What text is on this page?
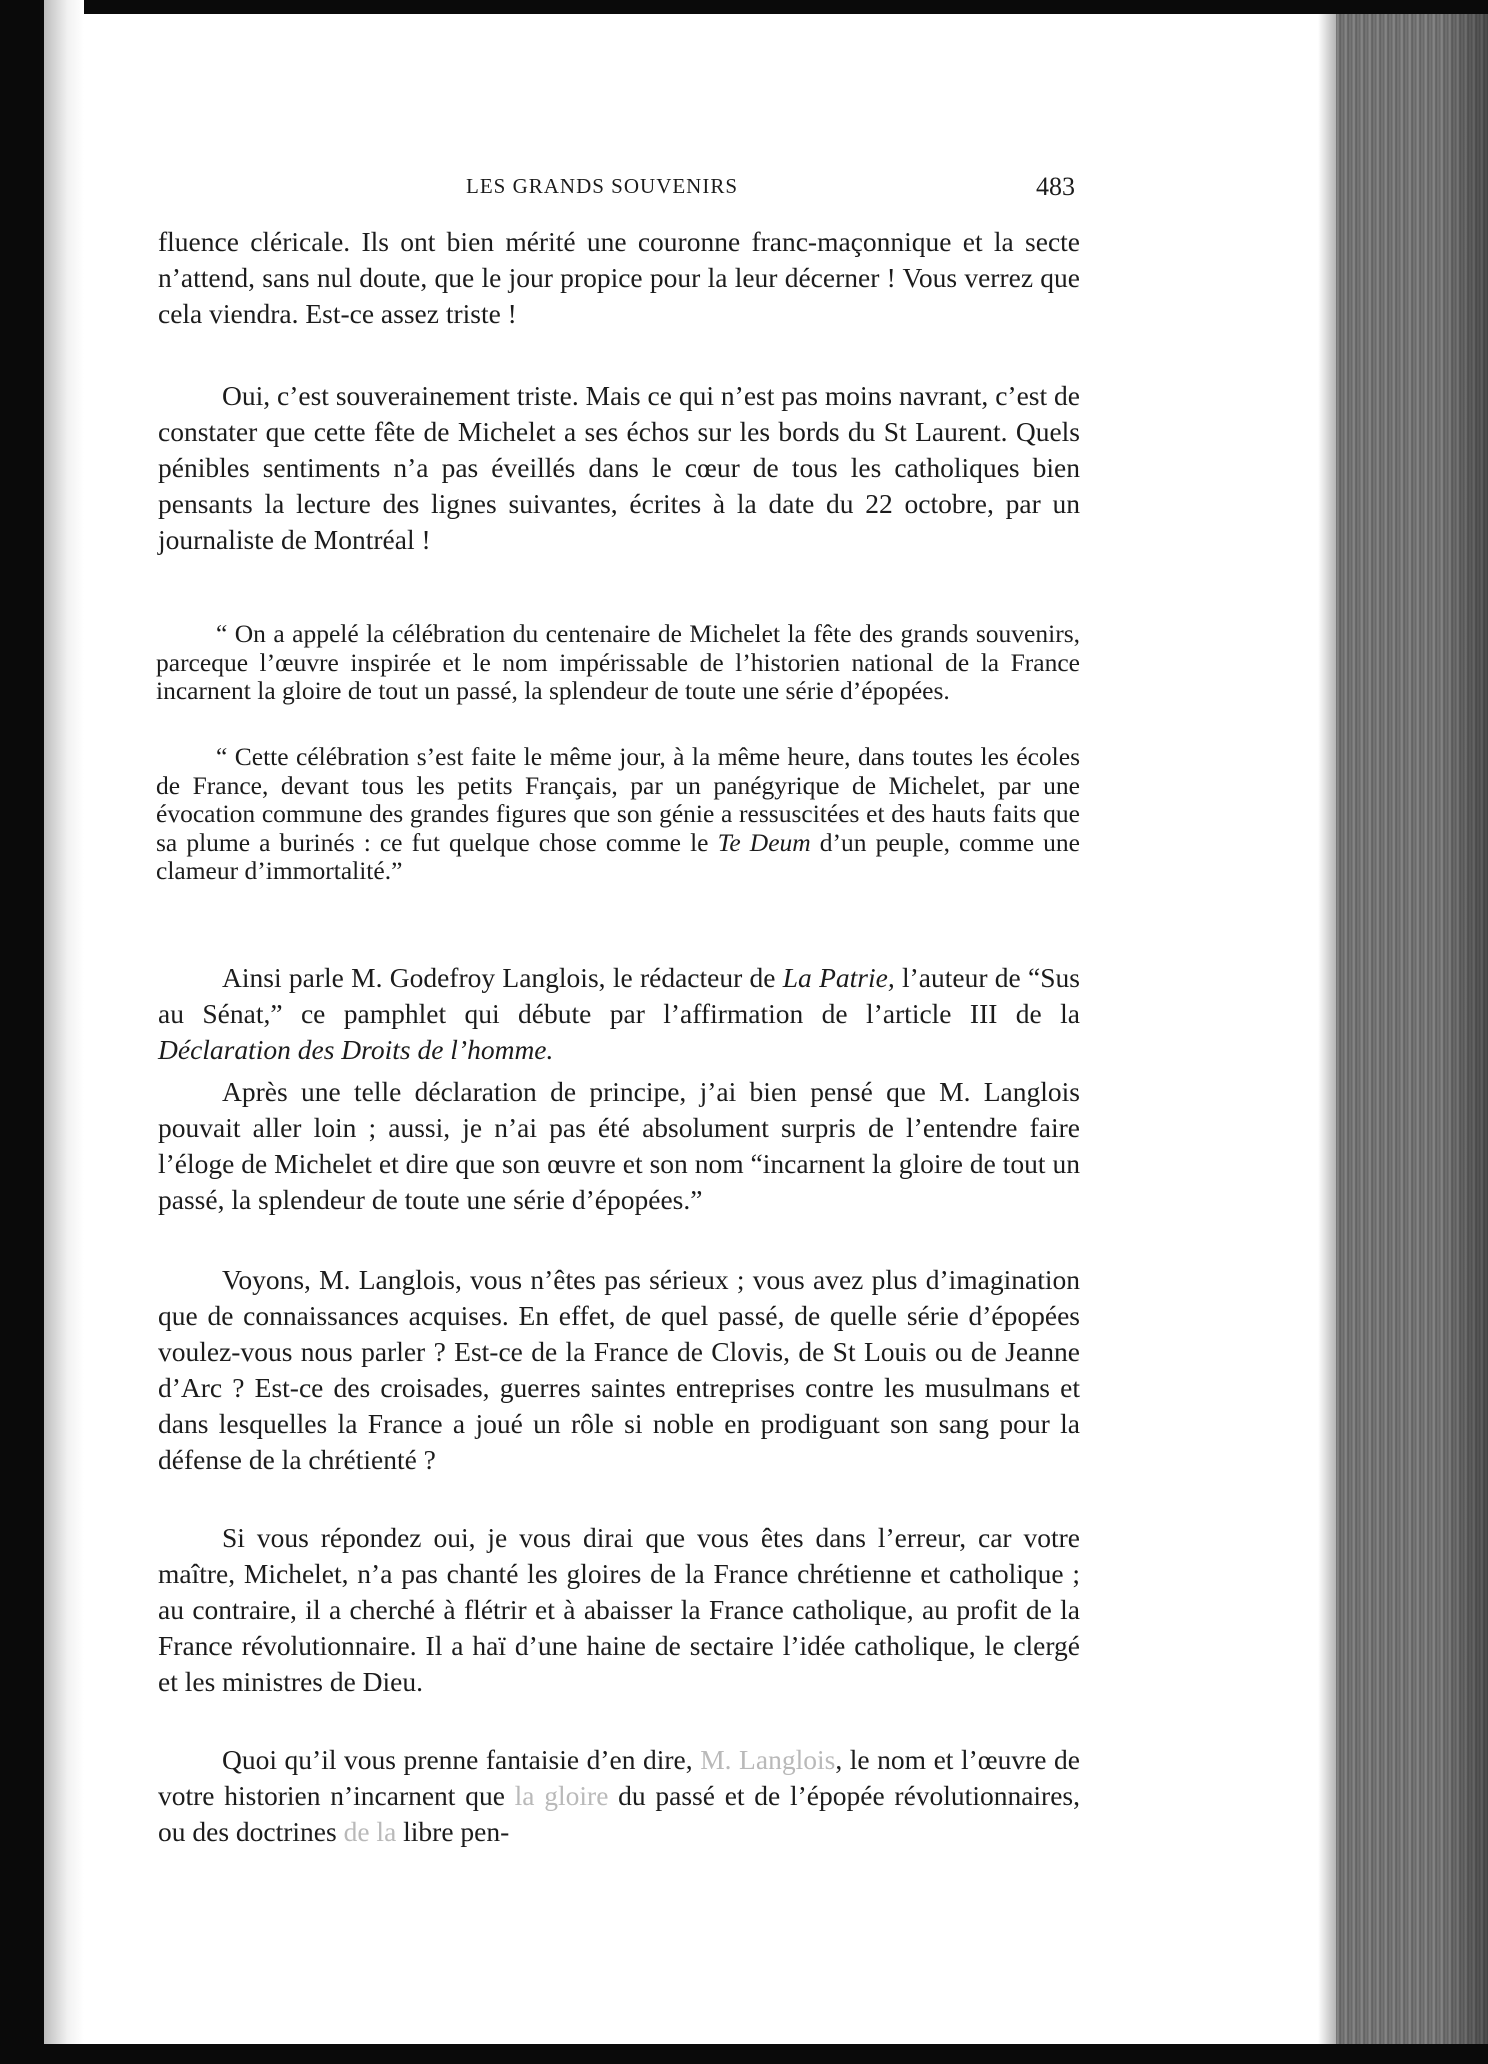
LES GRANDS SOUVENIRS	483

fluence cléricale. Ils ont bien mérité une couronne franc-maçonnique et la secte n’attend, sans nul doute, que le jour propice pour la leur décerner ! Vous verrez que cela viendra. Est-ce assez triste !

Oui, c’est souverainement triste. Mais ce qui n’est pas moins navrant, c’est de constater que cette fête de Michelet a ses échos sur les bords du St Laurent. Quels pénibles sentiments n’a pas éveillés dans le cœur de tous les catholiques bien pensants la lecture des lignes suivantes, écrites à la date du 22 octobre, par un journaliste de Montréal !

“ On a appelé la célébration du centenaire de Michelet la fête des grands souvenirs, parceque l’œuvre inspirée et le nom impérissable de l’historien national de la France incarnent la gloire de tout un passé, la splendeur de toute une série d’épopées.

“ Cette célébration s’est faite le même jour, à la même heure, dans toutes les écoles de France, devant tous les petits Français, par un panégyrique de Michelet, par une évocation commune des grandes figures que son génie a ressuscitées et des hauts faits que sa plume a burinés : ce fut quelque chose comme le Te Deum d’un peuple, comme une clameur d’immortalité.”

Ainsi parle M. Godefroy Langlois, le rédacteur de La Patrie, l’auteur de “Sus au Sénat,” ce pamphlet qui débute par l’affirmation de l’article III de la Déclaration des Droits de l’homme.

Après une telle déclaration de principe, j’ai bien pensé que M. Langlois pouvait aller loin ; aussi, je n’ai pas été absolument surpris de l’entendre faire l’éloge de Michelet et dire que son œuvre et son nom “incarnent la gloire de tout un passé, la splendeur de toute une série d’épopées.”

Voyons, M. Langlois, vous n’êtes pas sérieux ; vous avez plus d’imagination que de connaissances acquises. En effet, de quel passé, de quelle série d’épopées voulez-vous nous parler ? Est-ce de la France de Clovis, de St Louis ou de Jeanne d’Arc ? Est-ce des croisades, guerres saintes entreprises contre les musulmans et dans lesquelles la France a joué un rôle si noble en prodiguant son sang pour la défense de la chrétienté ?

Si vous répondez oui, je vous dirai que vous êtes dans l’erreur, car votre maître, Michelet, n’a pas chanté les gloires de la France chrétienne et catholique ; au contraire, il a cherché à flétrir et à abaisser la France catholique, au profit de la France révolutionnaire. Il a haï d’une haine de sectaire l’idée catholique, le clergé et les ministres de Dieu.

Quoi qu’il vous prenne fantaisie d’en dire, M. Langlois, le nom et l’œuvre de votre historien n’incarnent que la gloire du passé et de l’épopée révolutionnaires, ou des doctrines de la libre pen-
